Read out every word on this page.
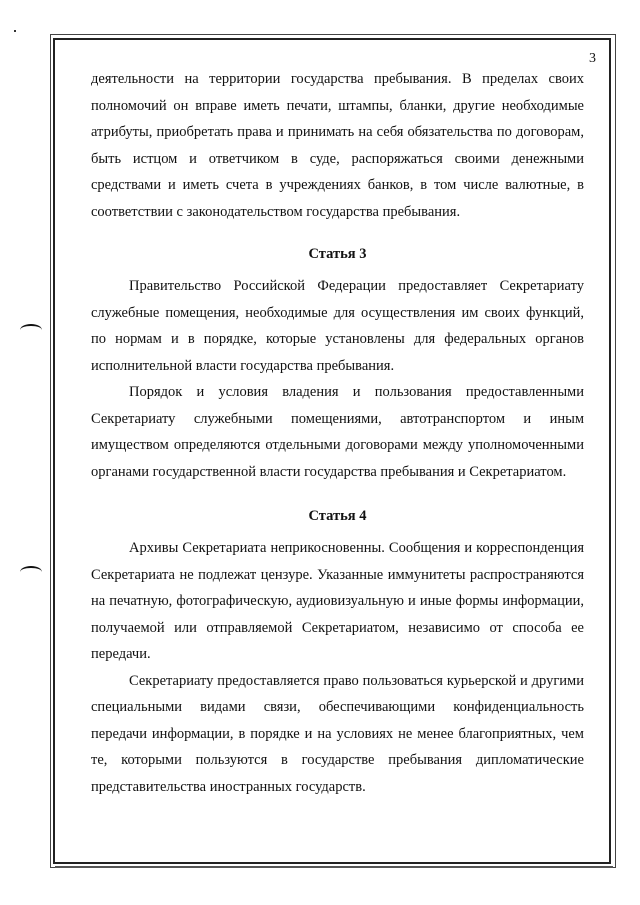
3

деятельности на территории государства пребывания. В пределах своих полномочий он вправе иметь печати, штампы, бланки, другие необходимые атрибуты, приобретать права и принимать на себя обязательства по договорам, быть истцом и ответчиком в суде, распоряжаться своими денежными средствами и иметь счета в учреждениях банков, в том числе валютные, в соответствии с законодательством государства пребывания.

Статья 3

Правительство Российской Федерации предоставляет Секретариату служебные помещения, необходимые для осуществления им своих функций, по нормам и в порядке, которые установлены для федеральных органов исполнительной власти государства пребывания.

Порядок и условия владения и пользования предоставленными Секретариату служебными помещениями, автотранспортом и иным имуществом определяются отдельными договорами между уполномоченными органами государственной власти государства пребывания и Секретариатом.

Статья 4

Архивы Секретариата неприкосновенны. Сообщения и корреспонденция Секретариата не подлежат цензуре. Указанные иммунитеты распространяются на печатную, фотографическую, аудиовизуальную и иные формы информации, получаемой или отправляемой Секретариатом, независимо от способа ее передачи.

Секретариату предоставляется право пользоваться курьерской и другими специальными видами связи, обеспечивающими конфиденциальность передачи информации, в порядке и на условиях не менее благоприятных, чем те, которыми пользуются в государстве пребывания дипломатические представительства иностранных государств.
